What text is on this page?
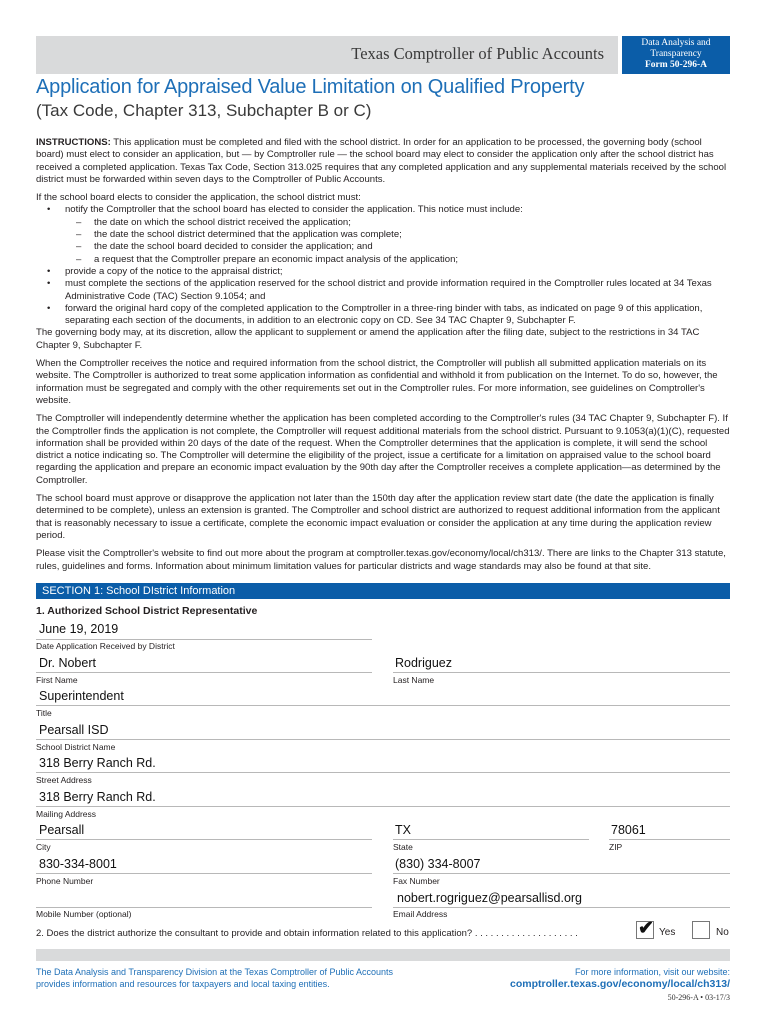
Texas Comptroller of Public Accounts
Data Analysis and
Transparency
Form 50-296-A
Application for Appraised Value Limitation on Qualified Property
(Tax Code, Chapter 313, Subchapter B or C)

INSTRUCTIONS: This application must be completed and filed with the school district. In order for an application to be processed, the governing body (school board) must elect to consider an application, but — by Comptroller rule — the school board may elect to consider the application only after the school district has received a completed application. Texas Tax Code, Section 313.025 requires that any completed application and any supplemental materials received by the school district must be forwarded within seven days to the Comptroller of Public Accounts.

If the school board elects to consider the application, the school district must:
• notify the Comptroller that the school board has elected to consider the application. This notice must include:
– the date on which the school district received the application;
– the date the school district determined that the application was complete;
– the date the school board decided to consider the application; and
– a request that the Comptroller prepare an economic impact analysis of the application;
• provide a copy of the notice to the appraisal district;
• must complete the sections of the application reserved for the school district and provide information required in the Comptroller rules located at 34 Texas Administrative Code (TAC) Section 9.1054; and
• forward the original hard copy of the completed application to the Comptroller in a three-ring binder with tabs, as indicated on page 9 of this application, separating each section of the documents, in addition to an electronic copy on CD. See 34 TAC Chapter 9, Subchapter F.
The governing body may, at its discretion, allow the applicant to supplement or amend the application after the filing date, subject to the restrictions in 34 TAC Chapter 9, Subchapter F.

When the Comptroller receives the notice and required information from the school district, the Comptroller will publish all submitted application materials on its website. The Comptroller is authorized to treat some application information as confidential and withhold it from publication on the Internet. To do so, however, the information must be segregated and comply with the other requirements set out in the Comptroller rules. For more information, see guidelines on Comptroller's website.

The Comptroller will independently determine whether the application has been completed according to the Comptroller's rules (34 TAC Chapter 9, Subchapter F). If the Comptroller finds the application is not complete, the Comptroller will request additional materials from the school district. Pursuant to 9.1053(a)(1)(C), requested information shall be provided within 20 days of the date of the request. When the Comptroller determines that the application is complete, it will send the school district a notice indicating so. The Comptroller will determine the eligibility of the project, issue a certificate for a limitation on appraised value to the school board regarding the application and prepare an economic impact evaluation by the 90th day after the Comptroller receives a complete application—as determined by the Comptroller.

The school board must approve or disapprove the application not later than the 150th day after the application review start date (the date the application is finally determined to be complete), unless an extension is granted. The Comptroller and school district are authorized to request additional information from the applicant that is reasonably necessary to issue a certificate, complete the economic impact evaluation or consider the application at any time during the application review period.

Please visit the Comptroller's website to find out more about the program at comptroller.texas.gov/economy/local/ch313/. There are links to the Chapter 313 statute, rules, guidelines and forms. Information about minimum limitation values for particular districts and wage standards may also be found at that site.

SECTION 1: School DIstrict Information
1. Authorized School District Representative
June 19, 2019
Date Application Received by District
Dr. Nobert
First Name
Rodriguez
Last Name
Superintendent
Title
Pearsall ISD
School District Name
318 Berry Ranch Rd.
Street Address
318 Berry Ranch Rd.
Mailing Address
Pearsall
City
TX
State
78061
ZIP
830-334-8001
Phone Number
(830) 334-8007
Fax Number
Mobile Number (optional)
nobert.rogriguez@pearsallisd.org
Email Address
2. Does the district authorize the consultant to provide and obtain information related to this application? . . . . . . . . . . . . . . . . . . . .	✔ Yes	No
The Data Analysis and Transparency Division at the Texas Comptroller of Public Accounts
provides information and resources for taxpayers and local taxing entities.
For more information, visit our website:
comptroller.texas.gov/economy/local/ch313/
50-296-A • 03-17/3
